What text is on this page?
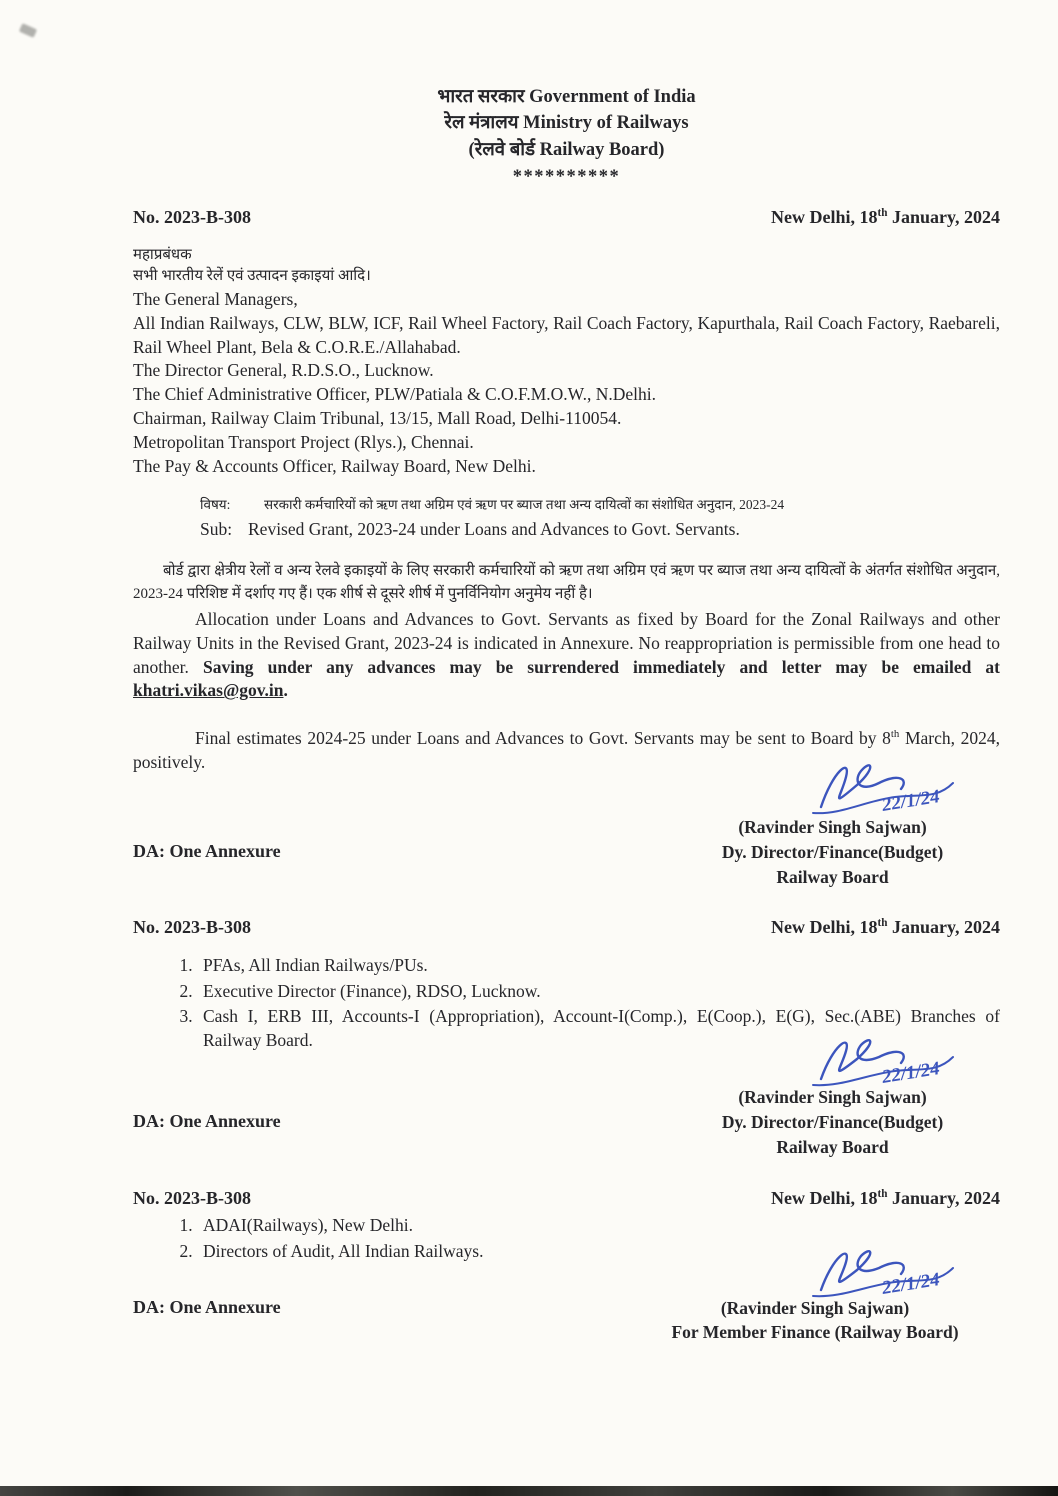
भारत सरकार Government of India
रेल मंत्रालय Ministry of Railways
(रेलवे बोर्ड Railway Board)
**********
No. 2023-B-308	New Delhi, 18th January, 2024
महाप्रबंधक
सभी भारतीय रेलें एवं उत्पादन इकाइयां आदि।
The General Managers,
All Indian Railways, CLW, BLW, ICF, Rail Wheel Factory, Rail Coach Factory, Kapurthala, Rail Coach Factory, Raebareli, Rail Wheel Plant, Bela & C.O.R.E./Allahabad.
The Director General, R.D.S.O., Lucknow.
The Chief Administrative Officer, PLW/Patiala & C.O.F.M.O.W., N.Delhi.
Chairman, Railway Claim Tribunal, 13/15, Mall Road, Delhi-110054.
Metropolitan Transport Project (Rlys.), Chennai.
The Pay & Accounts Officer, Railway Board, New Delhi.
विषय: सरकारी कर्मचारियों को ऋण तथा अग्रिम एवं ऋण पर ब्याज तथा अन्य दायित्वों का संशोधित अनुदान, 2023-24
Sub: Revised Grant, 2023-24 under Loans and Advances to Govt. Servants.

बोर्ड द्वारा क्षेत्रीय रेलों व अन्य रेलवे इकाइयों के लिए सरकारी कर्मचारियों को ऋण तथा अग्रिम एवं ऋण पर ब्याज तथा अन्य दायित्वों के अंतर्गत संशोधित अनुदान, 2023-24 परिशिष्ट में दर्शाए गए हैं। एक शीर्ष से दूसरे शीर्ष में पुनर्विनियोग अनुमेय नहीं है।

Allocation under Loans and Advances to Govt. Servants as fixed by Board for the Zonal Railways and other Railway Units in the Revised Grant, 2023-24 is indicated in Annexure. No reappropriation is permissible from one head to another. Saving under any advances may be surrendered immediately and letter may be emailed at khatri.vikas@gov.in.

Final estimates 2024-25 under Loans and Advances to Govt. Servants may be sent to Board by 8th March, 2024, positively.

DA: One Annexure
22/1/24
(Ravinder Singh Sajwan)
Dy. Director/Finance(Budget)
Railway Board
No. 2023-B-308	New Delhi, 18th January, 2024
1. PFAs, All Indian Railways/PUs.
2. Executive Director (Finance), RDSO, Lucknow.
3. Cash I, ERB III, Accounts-I (Appropriation), Account-I(Comp.), E(Coop.), E(G), Sec.(ABE) Branches of Railway Board.
DA: One Annexure
22/1/24
(Ravinder Singh Sajwan)
Dy. Director/Finance(Budget)
Railway Board
No. 2023-B-308	New Delhi, 18th January, 2024
1. ADAI(Railways), New Delhi.
2. Directors of Audit, All Indian Railways.
DA: One Annexure
22/1/24
(Ravinder Singh Sajwan)
For Member Finance (Railway Board)
